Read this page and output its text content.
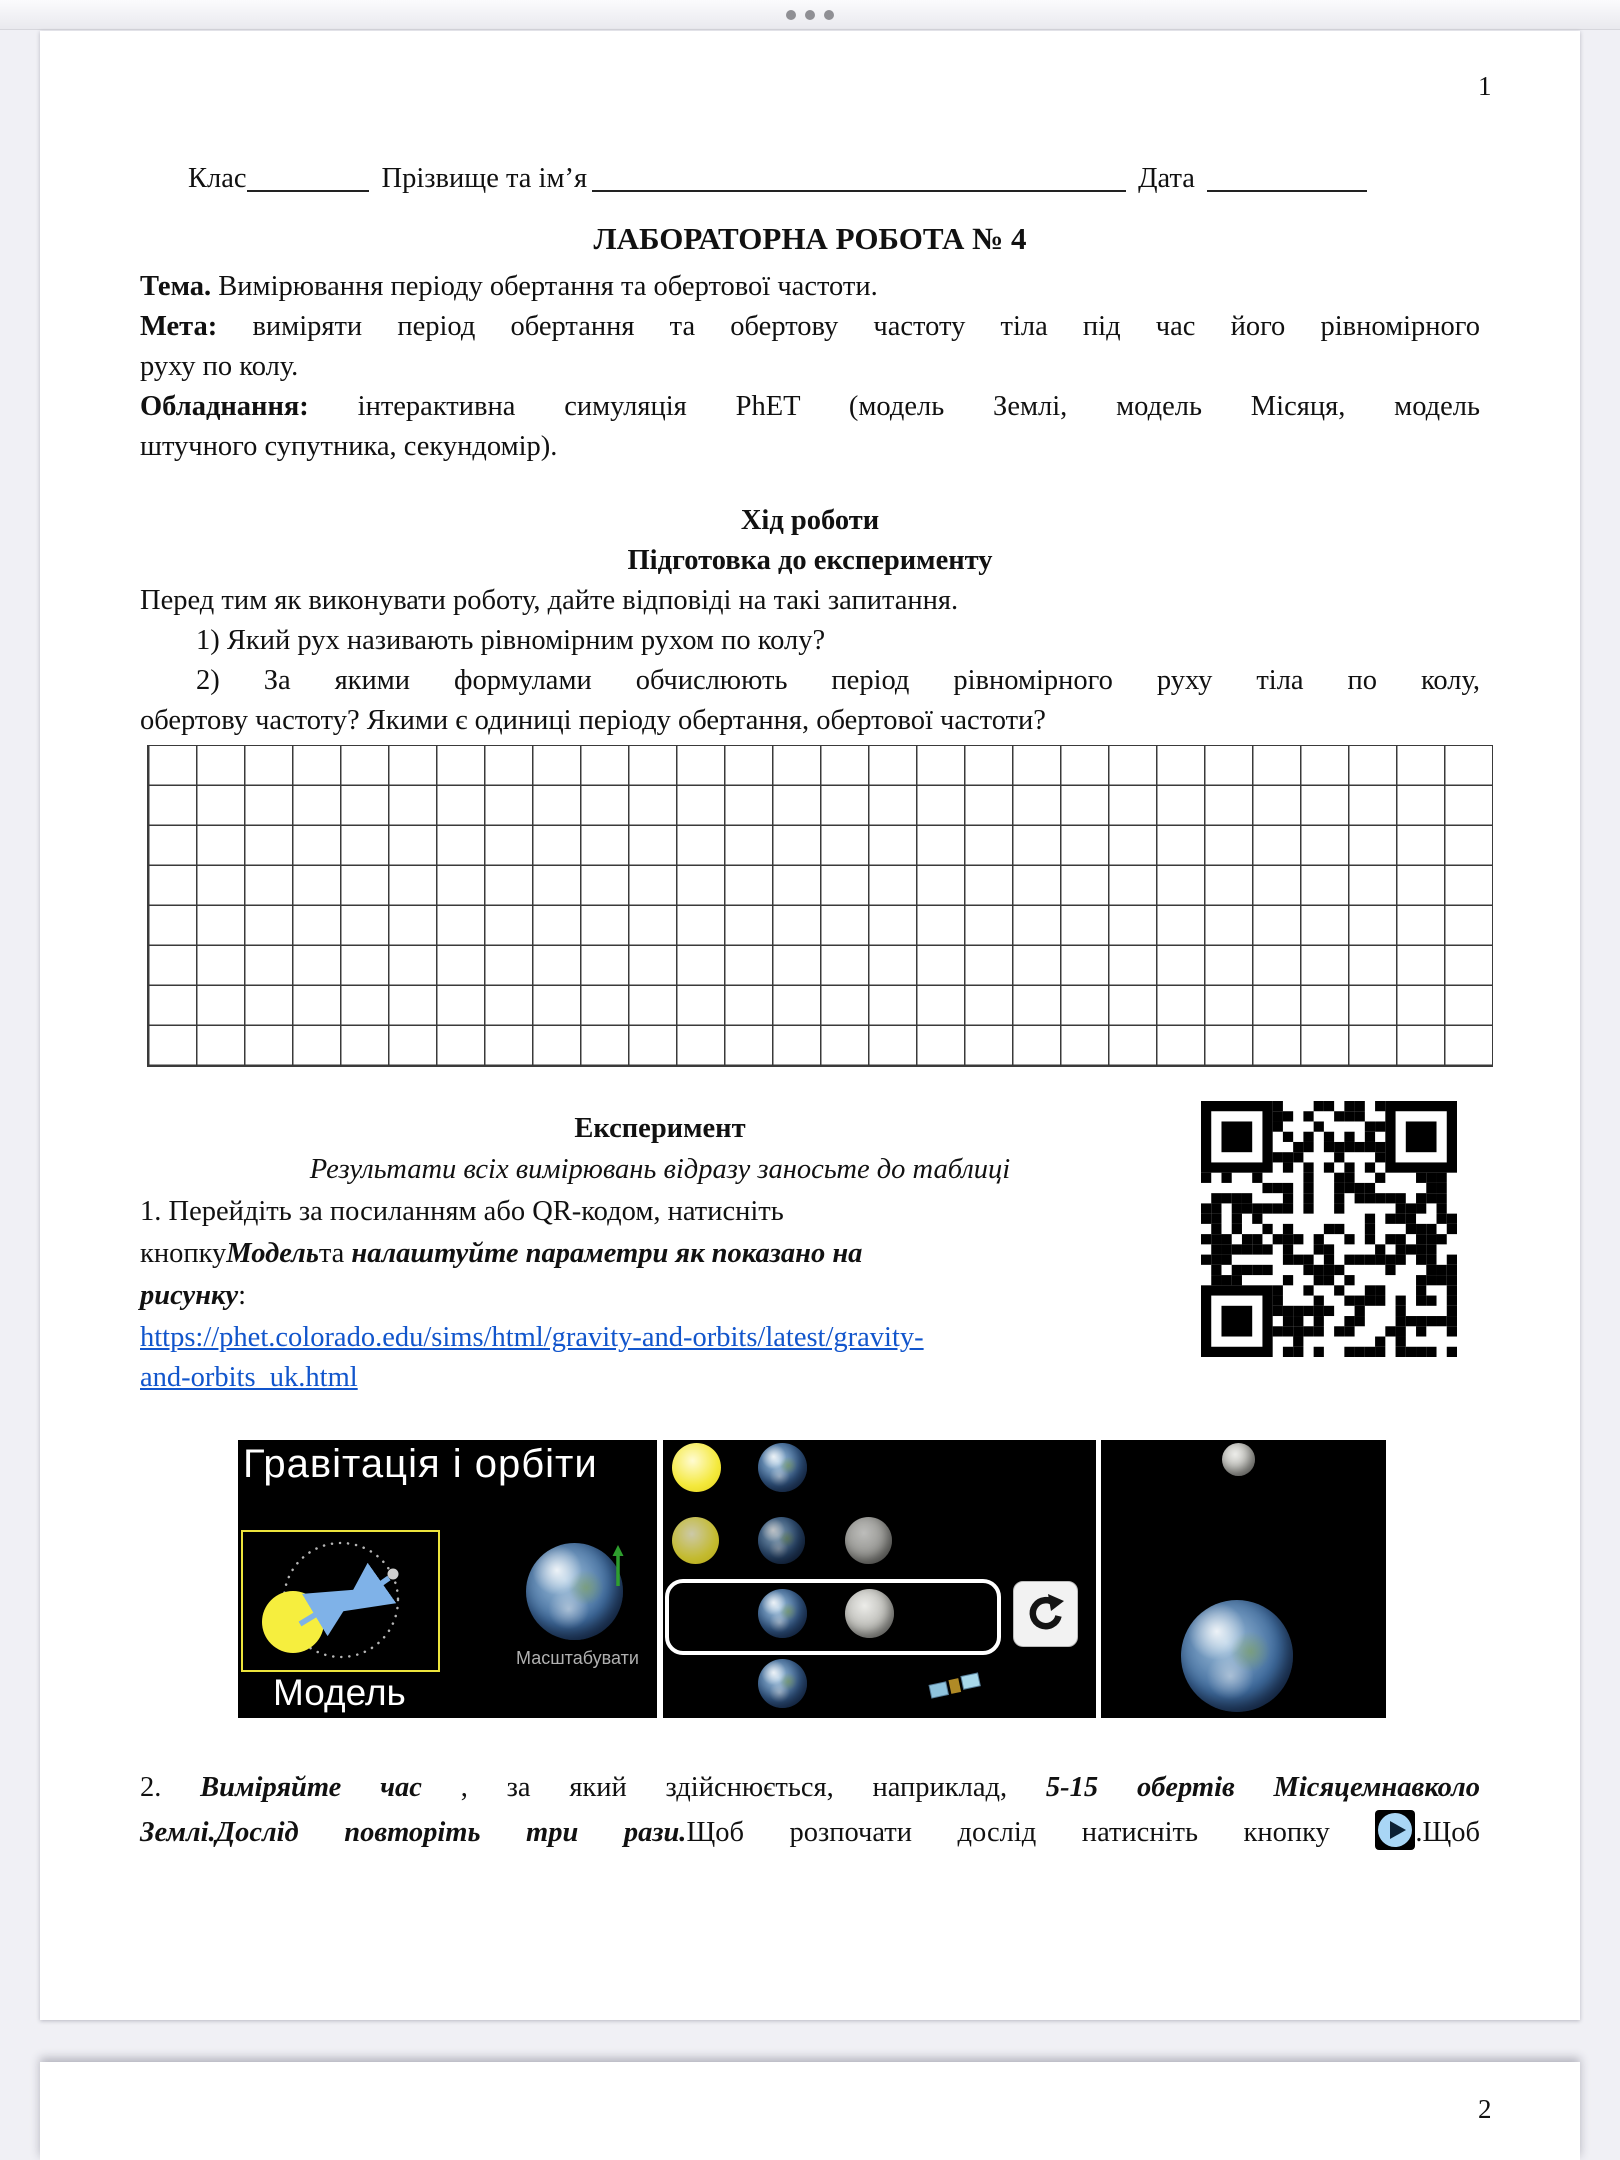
1
Клас	Прізвище та ім’я	Дата
ЛАБОРАТОРНА РОБОТА № 4
Тема. Вимірювання періоду обертання та обертової частоти.
Мета: виміряти період обертання та обертову частоту тіла під час його рівномірного
руху по колу.
Обладнання: інтерактивна симуляція PhET (модель Землі, модель Місяця, модель
штучного супутника, секундомір).
Хід роботи
Підготовка до експерименту
Перед тим як виконувати роботу, дайте відповіді на такі запитання.
1) Який рух називають рівномірним рухом по колу?
2) За якими формулами обчислюють період рівномірного руху тіла по колу,
обертову частоту? Якими є одиниці періоду обертання, обертової частоти?
Експеримент
Результати всіх вимірювань відразу заносьте до таблиці
1. Перейдіть за посиланням або QR-кодом, натисніть
кнопкуМодельта налаштуйте параметри як показано на
рисунку:
https://phet.colorado.edu/sims/html/gravity-and-orbits/latest/gravity-
and-orbits_uk.html
Гравітація і орбіти
Модель
Масштабувати
2. Виміряйте час , за який здійснюється, наприклад, 5-15 обертів Місяцемнавколо
Землі.Дослід повторіть три рази.Щоб розпочати дослід натисніть кнопку	.Щоб
2
